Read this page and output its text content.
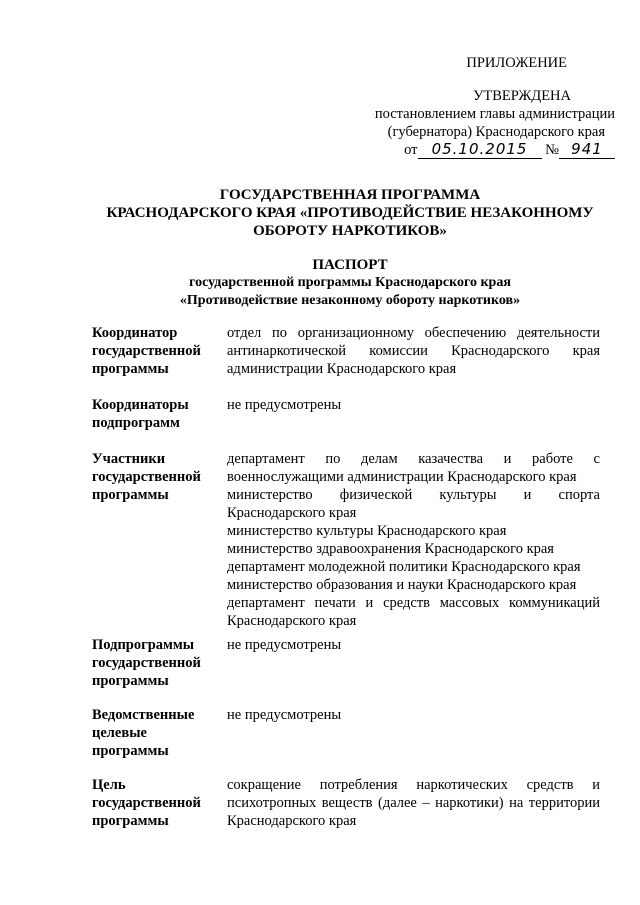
ПРИЛОЖЕНИЕ
УТВЕРЖДЕНА
постановлением главы администрации
(губернатора) Краснодарского края
от 05.10.2015 № 941
ГОСУДАРСТВЕННАЯ ПРОГРАММА
КРАСНОДАРСКОГО КРАЯ «ПРОТИВОДЕЙСТВИЕ НЕЗАКОННОМУ
ОБОРОТУ НАРКОТИКОВ»
ПАСПОРТ
государственной программы Краснодарского края
«Противодействие незаконному обороту наркотиков»
Координатор государственной программы
отдел по организационному обеспечению деятельности антинаркотической комиссии Краснодарского края администрации Краснодарского края
Координаторы подпрограмм
не предусмотрены
Участники государственной программы
департамент по делам казачества и работе с военнослужащими администрации Краснодарского края
министерство физической культуры и спорта Краснодарского края
министерство культуры Краснодарского края
министерство здравоохранения Краснодарского края
департамент молодежной политики Краснодарского края
министерство образования и науки Краснодарского края
департамент печати и средств массовых коммуникаций Краснодарского края
Подпрограммы государственной программы
не предусмотрены
Ведомственные целевые программы
не предусмотрены
Цель государственной программы
сокращение потребления наркотических средств и психотропных веществ (далее – наркотики) на территории Краснодарского края
